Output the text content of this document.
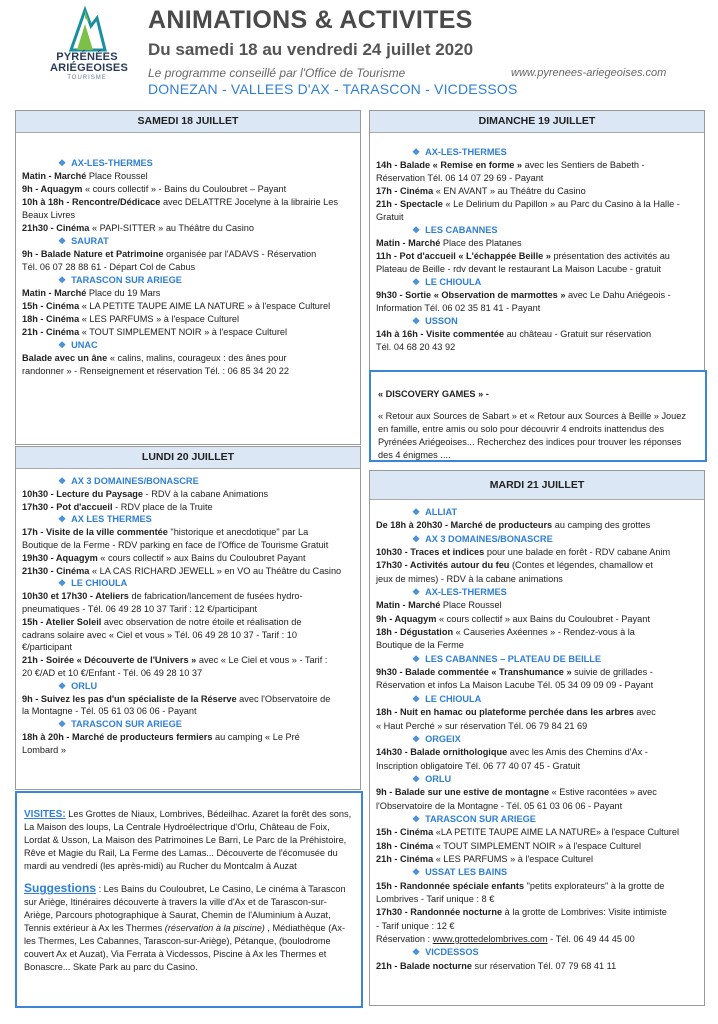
PYRÉNÉES
ARIÉGEOISES
TOURISME
ANIMATIONS & ACTIVITES
Du samedi 18 au vendredi 24 juillet 2020
Le programme conseillé par l'Office de Tourisme	www.pyrenees-ariegeoises.com
DONEZAN - VALLEES D'AX - TARASCON - VICDESSOS
SAMEDI 18 JUILLET

❖ AX-LES-THERMES

Matin - Marché Place Roussel

9h - Aquagym « cours collectif » - Bains du Couloubret – Payant

10h à 18h - Rencontre/Dédicace avec DELATTRE Jocelyne à la librairie Les

Beaux Livres

21h30 - Cinéma « PAPI-SITTER » au Théâtre du Casino

❖ SAURAT

9h - Balade Nature et Patrimoine organisée par l'ADAVS - Réservation

Tél. 06 07 28 88 61 - Départ Col de Cabus

❖ TARASCON SUR ARIEGE

Matin - Marché Place du 19 Mars

15h - Cinéma « LA PETITE TAUPE AIME LA NATURE » à l'espace Culturel

18h - Cinéma « LES PARFUMS » à l'espace Culturel

21h - Cinéma « TOUT SIMPLEMENT NOIR » à l'espace Culturel

❖ UNAC

Balade avec un âne « calins, malins, courageux : des ânes pour

randonner » - Renseignement et réservation Tél. : 06 85 34 20 22

DIMANCHE 19 JUILLET

❖ AX-LES-THERMES

14h - Balade « Remise en forme » avec les Sentiers de Babeth -

Réservation Tél. 06 14 07 29 69 - Payant

17h - Cinéma « EN AVANT » au Théâtre du Casino

21h - Spectacle « Le Delirium du Papillon » au Parc du Casino à la Halle -

Gratuit

❖ LES CABANNES

Matin - Marché Place des Platanes

11h - Pot d'accueil « L'échappée Beille » présentation des activités au

Plateau de Beille - rdv devant le restaurant La Maison Lacube - gratuit

❖ LE CHIOULA

9h30 - Sortie « Observation de marmottes » avec Le Dahu Ariégeois -

Information Tél. 06 02 35 81 41 - Payant

❖ USSON

14h à 16h - Visite commentée au château - Gratuit sur réservation

Tél. 04 68 20 43 92

« DISCOVERY GAMES » -

« Retour aux Sources de Sabart » et « Retour aux Sources à Beille » Jouez en famille, entre amis ou solo pour découvrir 4 endroits inattendus des Pyrénées Ariégeoises... Recherchez des indices pour trouver les réponses des 4 énigmes ....

LUNDI 20 JUILLET

❖ AX 3 DOMAINES/BONASCRE

10h30 - Lecture du Paysage - RDV à la cabane Animations

17h30 - Pot d'accueil - RDV place de la Truite

❖ AX LES THERMES

17h - Visite de la ville commentée "historique et anecdotique" par La

Boutique de la Ferme - RDV parking en face de l'Office de Tourisme Gratuit

19h30 - Aquagym « cours collectif » aux Bains du Couloubret Payant

21h30 - Cinéma « LA CAS RICHARD JEWELL » en VO au Théâtre du Casino

❖ LE CHIOULA

10h30 et 17h30 - Ateliers de fabrication/lancement de fusées hydro-

pneumatiques - Tél. 06 49 28 10 37 Tarif : 12 €/participant

15h - Atelier Soleil avec observation de notre étoile et réalisation de

cadrans solaire avec « Ciel et vous » Tél. 06 49 28 10 37 - Tarif : 10

€/participant

21h - Soirée « Découverte de l'Univers » avec « Le Ciel et vous » - Tarif :

20 €/AD et 10 €/Enfant - Tél. 06 49 28 10 37

❖ ORLU

9h - Suivez les pas d'un spécialiste de la Réserve avec l'Observatoire de

la Montagne - Tél. 05 61 03 06 06 - Payant

❖ TARASCON SUR ARIEGE

18h à 20h - Marché de producteurs fermiers au camping « Le Pré

Lombard »

VISITES: Les Grottes de Niaux, Lombrives, Bédeilhac. Azaret la forêt des sons, La Maison des loups, La Centrale Hydroélectrique d'Orlu, Château de Foix, Lordat & Usson, La Maison des Patrimoines Le Barri, Le Parc de la Préhistoire, Rêve et Magie du Rail, La Ferme des Lamas... Découverte de l'écomusée du mardi au vendredi (les après-midi) au Rucher du Montcalm à Auzat

Suggestions : Les Bains du Couloubret, Le Casino, Le cinéma à Tarascon sur Ariège, Itinéraires découverte à travers la ville d'Ax et de Tarascon-sur-Ariège, Parcours photographique à Saurat, Chemin de l'Aluminium à Auzat, Tennis extérieur à Ax les Thermes (réservation à la piscine) , Médiathèque (Ax-les Thermes, Les Cabannes, Tarascon-sur-Ariège), Pétanque, (boulodrome couvert Ax et Auzat), Via Ferrata à Vicdessos, Piscine à Ax les Thermes et Bonascre... Skate Park au parc du Casino.

MARDI 21 JUILLET

❖ ALLIAT

De 18h à 20h30 - Marché de producteurs au camping des grottes

❖ AX 3 DOMAINES/BONASCRE

10h30 - Traces et indices pour une balade en forêt - RDV cabane Anim

17h30 - Activités autour du feu (Contes et légendes, chamallow et

jeux de mimes) - RDV à la cabane animations

❖ AX-LES-THERMES

Matin - Marché Place Roussel

9h - Aquagym « cours collectif » aux Bains du Couloubret - Payant

18h - Dégustation « Causeries Axéennes » - Rendez-vous à la

Boutique de la Ferme

❖ LES CABANNES – PLATEAU DE BEILLE

9h30 - Balade commentée « Transhumance » suivie de grillades -

Réservation et infos La Maison Lacube Tél. 05 34 09 09 09 - Payant

❖ LE CHIOULA

18h - Nuit en hamac ou plateforme perchée dans les arbres avec

« Haut Perché » sur réservation Tél. 06 79 84 21 69

❖ ORGEIX

14h30 - Balade ornithologique avec les Amis des Chemins d'Ax -

Inscription obligatoire Tél. 06 77 40 07 45 - Gratuit

❖ ORLU

9h - Balade sur une estive de montagne « Estive racontées » avec

l'Observatoire de la Montagne - Tél. 05 61 03 06 06 - Payant

❖ TARASCON SUR ARIEGE

15h - Cinéma «LA PETITE TAUPE AIME LA NATURE» à l'espace Culturel

18h - Cinéma « TOUT SIMPLEMENT NOIR » à l'espace Culturel

21h - Cinéma « LES PARFUMS » à l'espace Culturel

❖ USSAT LES BAINS

15h - Randonnée spéciale enfants "petits explorateurs" à la grotte de

Lombrives - Tarif unique : 8 €

17h30 - Randonnée nocturne à la grotte de Lombrives: Visite intimiste

- Tarif unique : 12 €

Réservation : www.grottedelombrives.com - Tél. 06 49 44 45 00

❖ VICDESSOS

21h - Balade nocturne sur réservation Tél. 07 79 68 41 11
